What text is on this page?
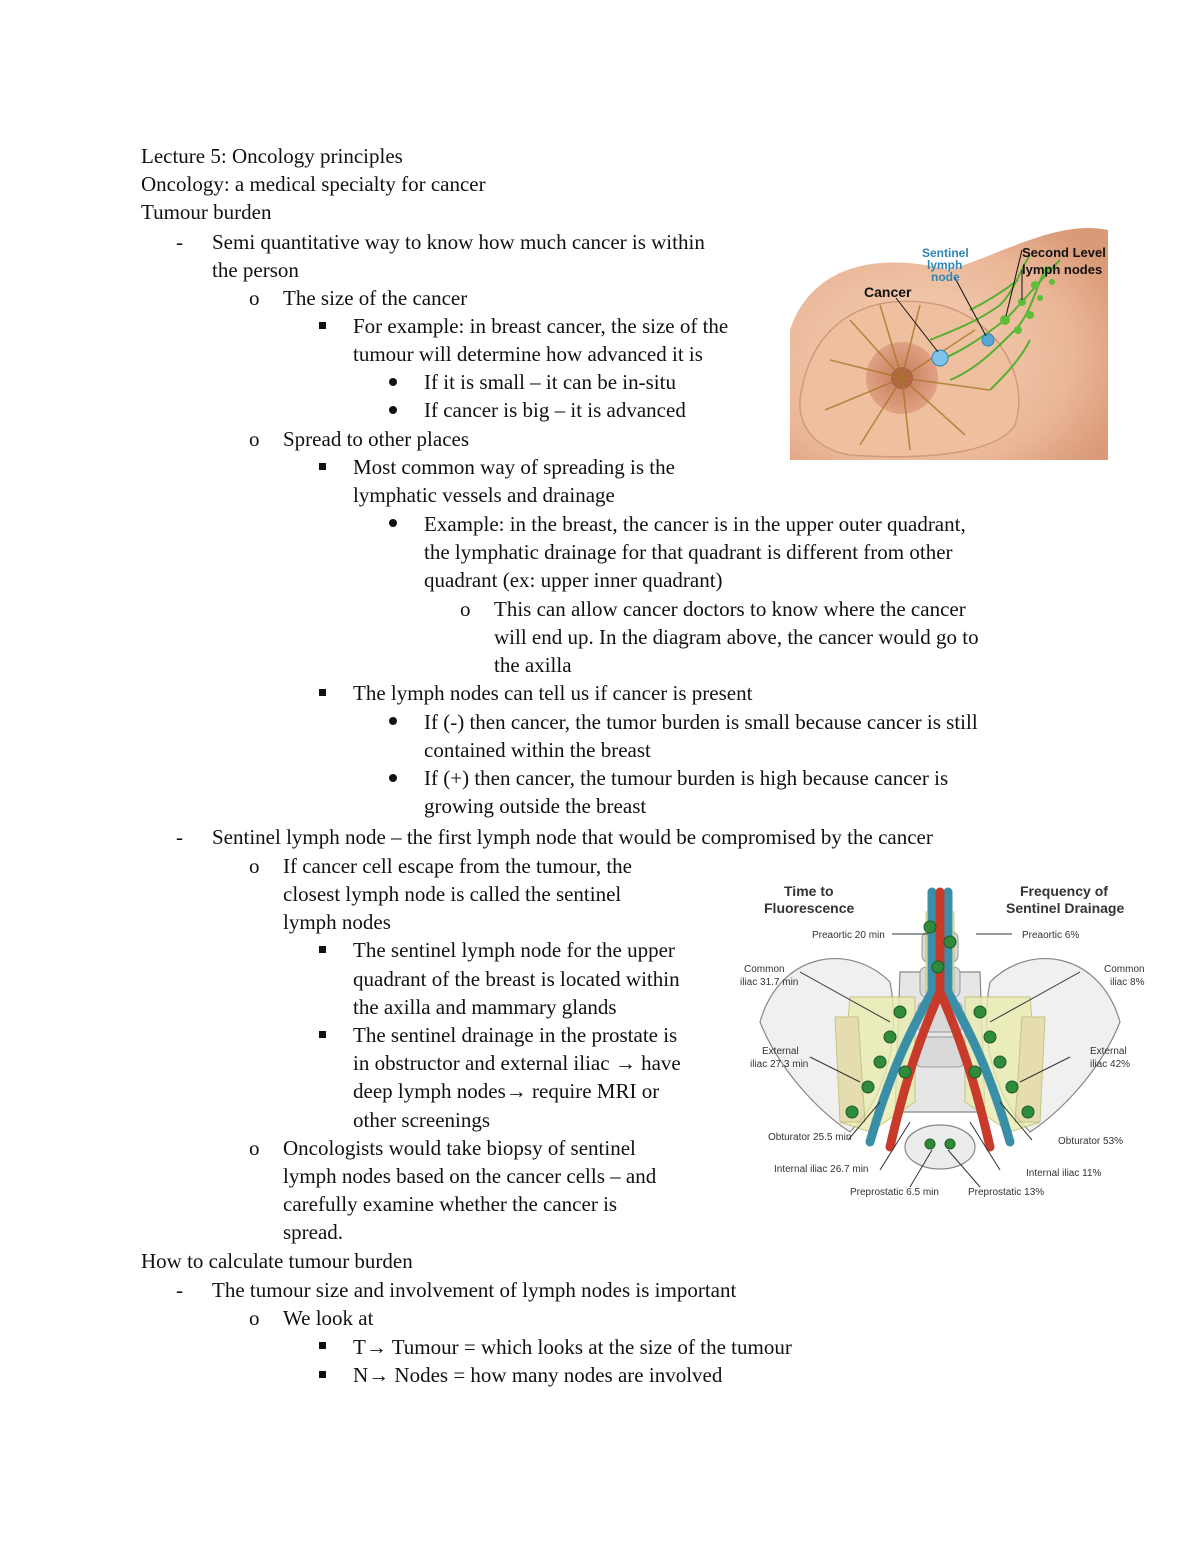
Lecture 5: Oncology principles
Oncology: a medical specialty for cancer
Tumour burden
- Semi quantitative way to know how much cancer is within
the person
o The size of the cancer
For example: in breast cancer, the size of the
tumour will determine how advanced it is
If it is small – it can be in-situ
If cancer is big – it is advanced
o Spread to other places
Most common way of spreading is the
lymphatic vessels and drainage
Example: in the breast, the cancer is in the upper outer quadrant,
the lymphatic drainage for that quadrant is different from other
quadrant (ex: upper inner quadrant)
o This can allow cancer doctors to know where the cancer
will end up. In the diagram above, the cancer would go to
the axilla
The lymph nodes can tell us if cancer is present
If (-) then cancer, the tumor burden is small because cancer is still
contained within the breast
If (+) then cancer, the tumour burden is high because cancer is
growing outside the breast
- Sentinel lymph node – the first lymph node that would be compromised by the cancer
o If cancer cell escape from the tumour, the
closest lymph node is called the sentinel
lymph nodes
The sentinel lymph node for the upper
quadrant of the breast is located within
the axilla and mammary glands
The sentinel drainage in the prostate is
in obstructor and external iliac → have
deep lymph nodes→ require MRI or
other screenings
o Oncologists would take biopsy of sentinel
lymph nodes based on the cancer cells – and
carefully examine whether the cancer is
spread.
How to calculate tumour burden
- The tumour size and involvement of lymph nodes is important
o We look at
T→ Tumour = which looks at the size of the tumour
N→ Nodes = how many nodes are involved
Sentinel
lymph
node
Second Level
lymph nodes
Cancer
Time to
Fluorescence
Frequency of
Sentinel Drainage
Preaortic 20 min
Common
iliac 31.7 min
External
iliac 27.3 min
Obturator 25.5 min
Internal iliac 26.7 min
Preprostatic 6.5 min
Preaortic 6%
Common
iliac 8%
External
iliac 42%
Obturator 53%
Internal iliac 11%
Preprostatic 13%
